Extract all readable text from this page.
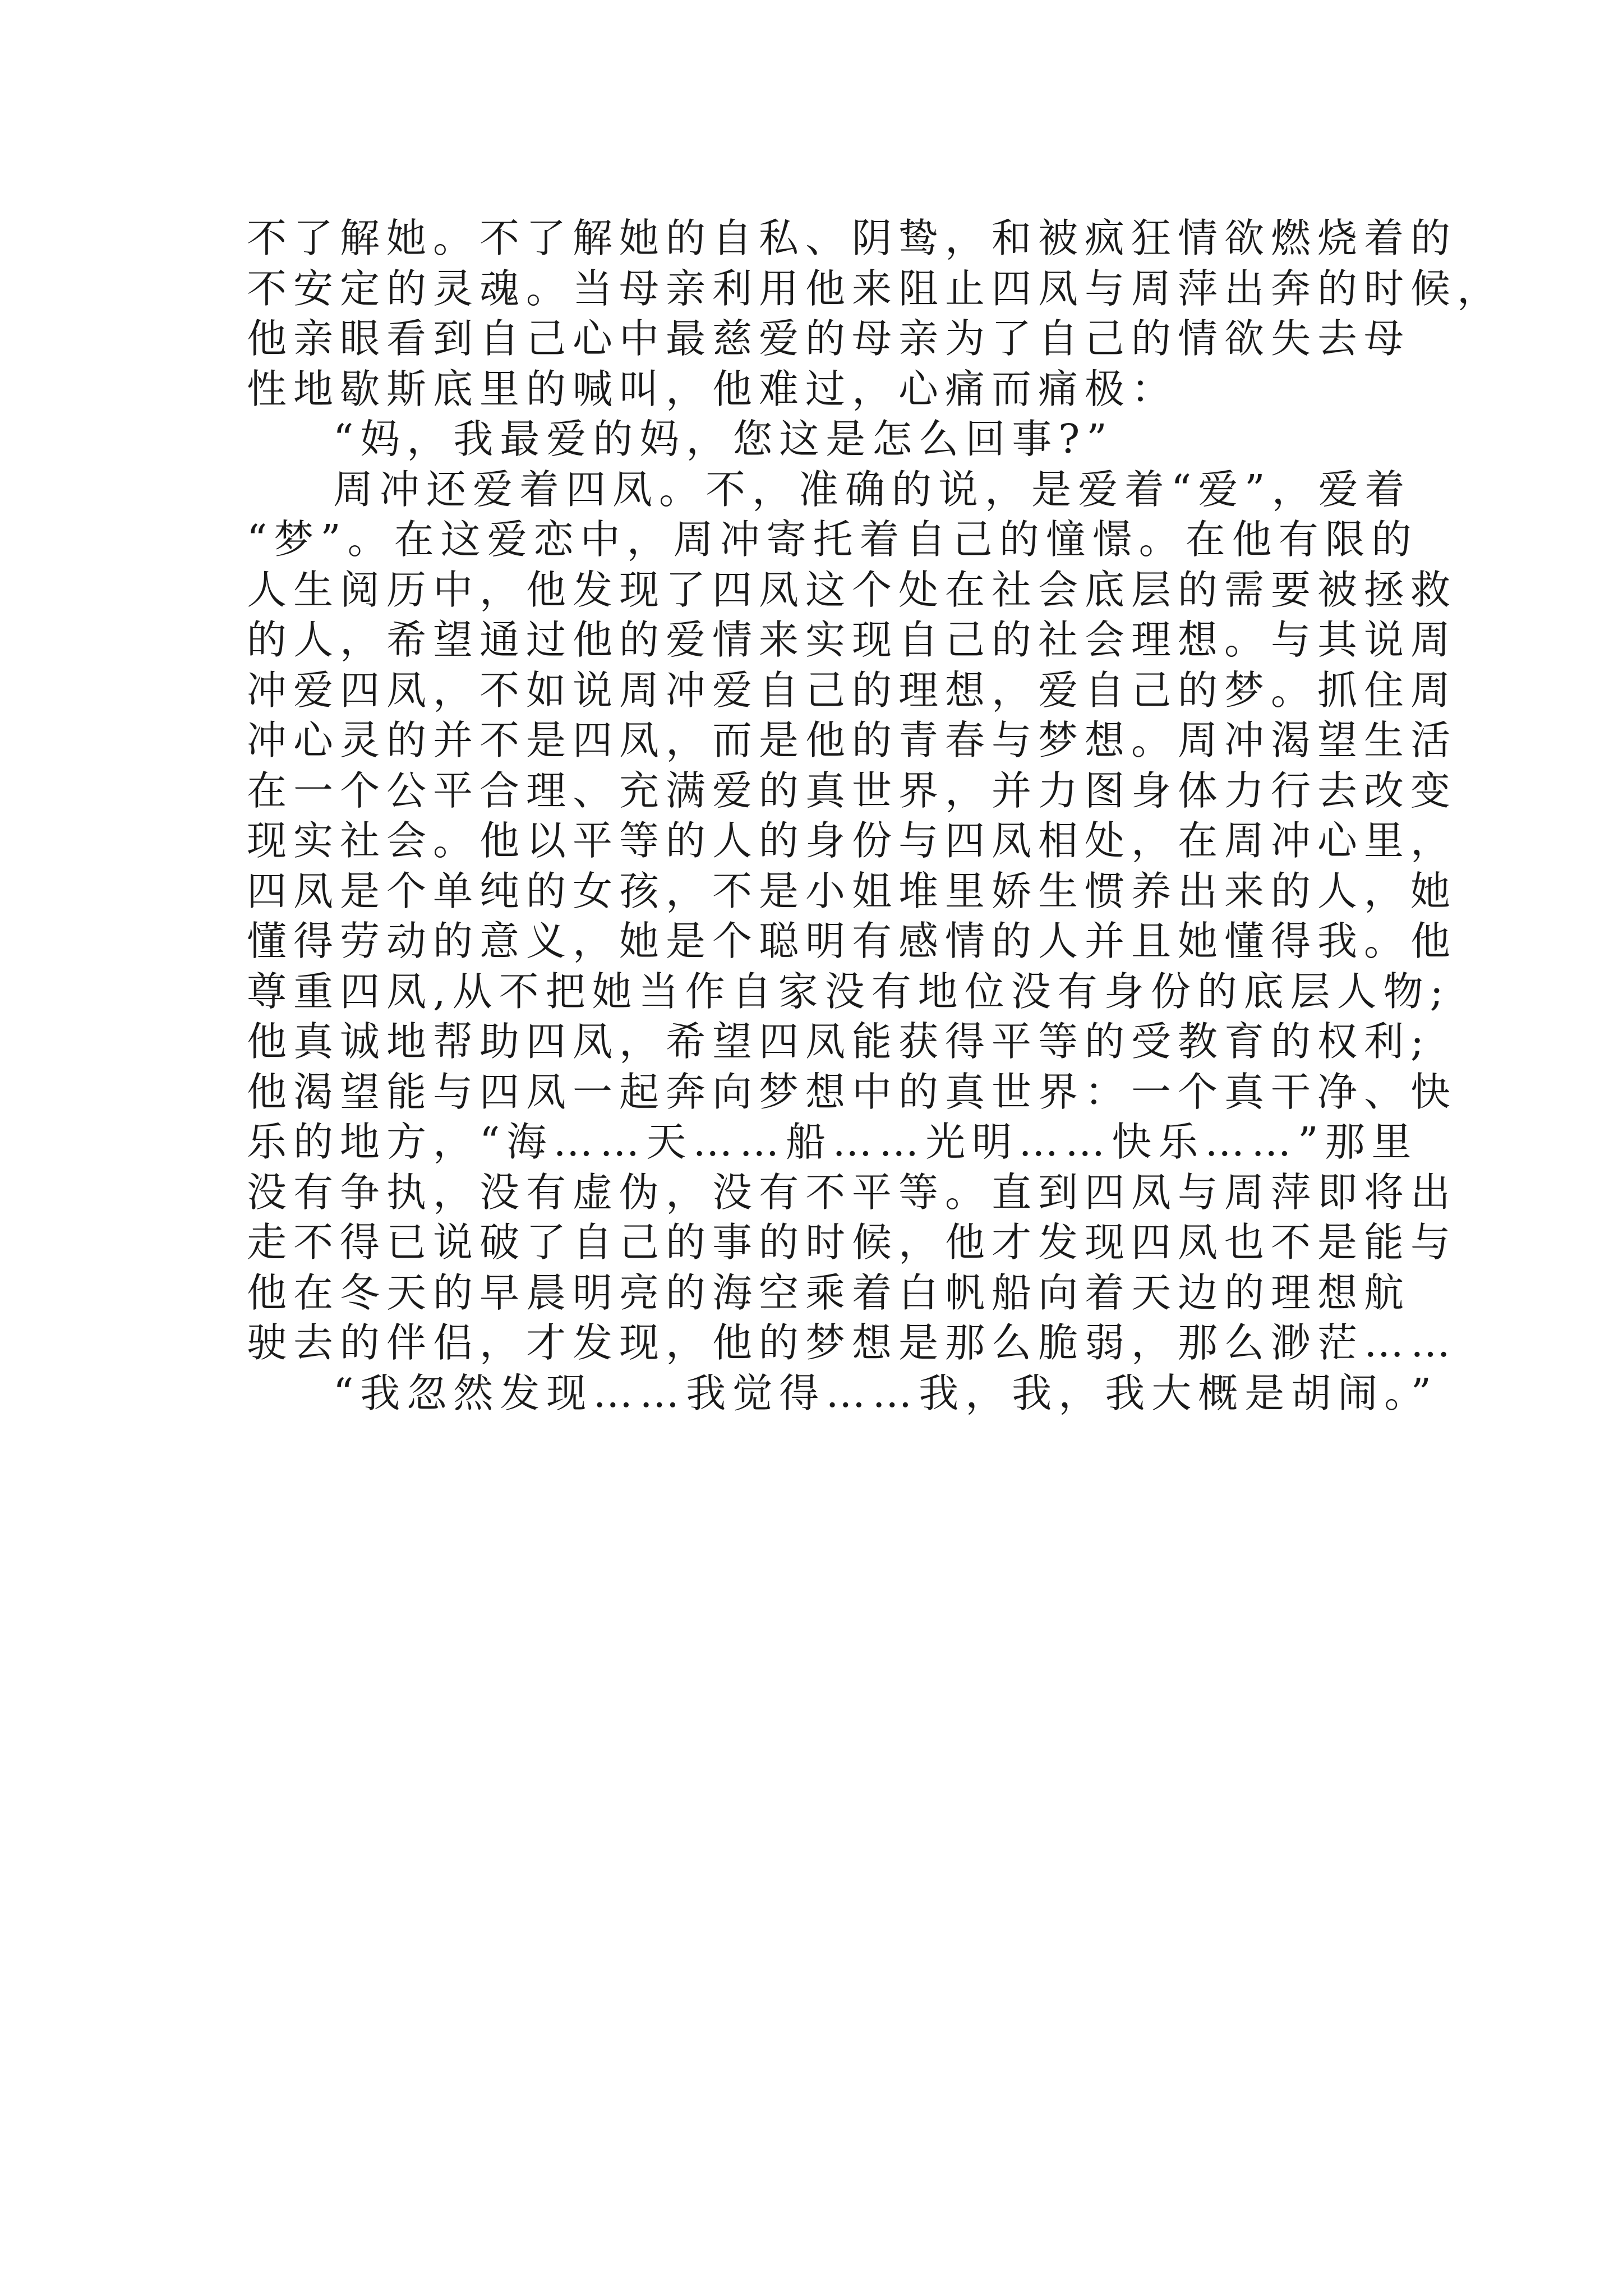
不了解她。不了解她的自私、阴鸷，和被疯狂情欲燃烧着的
不安定的灵魂。当母亲利用他来阻止四凤与周萍出奔的时候，
他亲眼看到自己心中最慈爱的母亲为了自己的情欲失去母
性地歇斯底里的喊叫，他难过，心痛而痛极：
“妈，我最爱的妈，您这是怎么回事?”
周冲还爱着四凤。不，准确的说，是爱着“爱”，爱着
“梦”。在这爱恋中，周冲寄托着自己的憧憬。在他有限的
人生阅历中，他发现了四凤这个处在社会底层的需要被拯救
的人，希望通过他的爱情来实现自己的社会理想。与其说周
冲爱四凤，不如说周冲爱自己的理想，爱自己的梦。抓住周
冲心灵的并不是四凤，而是他的青春与梦想。周冲渴望生活
在一个公平合理、充满爱的真世界，并力图身体力行去改变
现实社会。他以平等的人的身份与四凤相处，在周冲心里，
四凤是个单纯的女孩，不是小姐堆里娇生惯养出来的人，她
懂得劳动的意义，她是个聪明有感情的人并且她懂得我。他
尊重四凤,从不把她当作自家没有地位没有身份的底层人物;
他真诚地帮助四凤，希望四凤能获得平等的受教育的权利;
他渴望能与四凤一起奔向梦想中的真世界：一个真干净、快
乐的地方，“海……天……船……光明……快乐……”那里
没有争执，没有虚伪，没有不平等。直到四凤与周萍即将出
走不得已说破了自己的事的时候，他才发现四凤也不是能与
他在冬天的早晨明亮的海空乘着白帆船向着天边的理想航
驶去的伴侣，才发现，他的梦想是那么脆弱，那么渺茫……
“我忽然发现……我觉得……我，我，我大概是胡闹。”
